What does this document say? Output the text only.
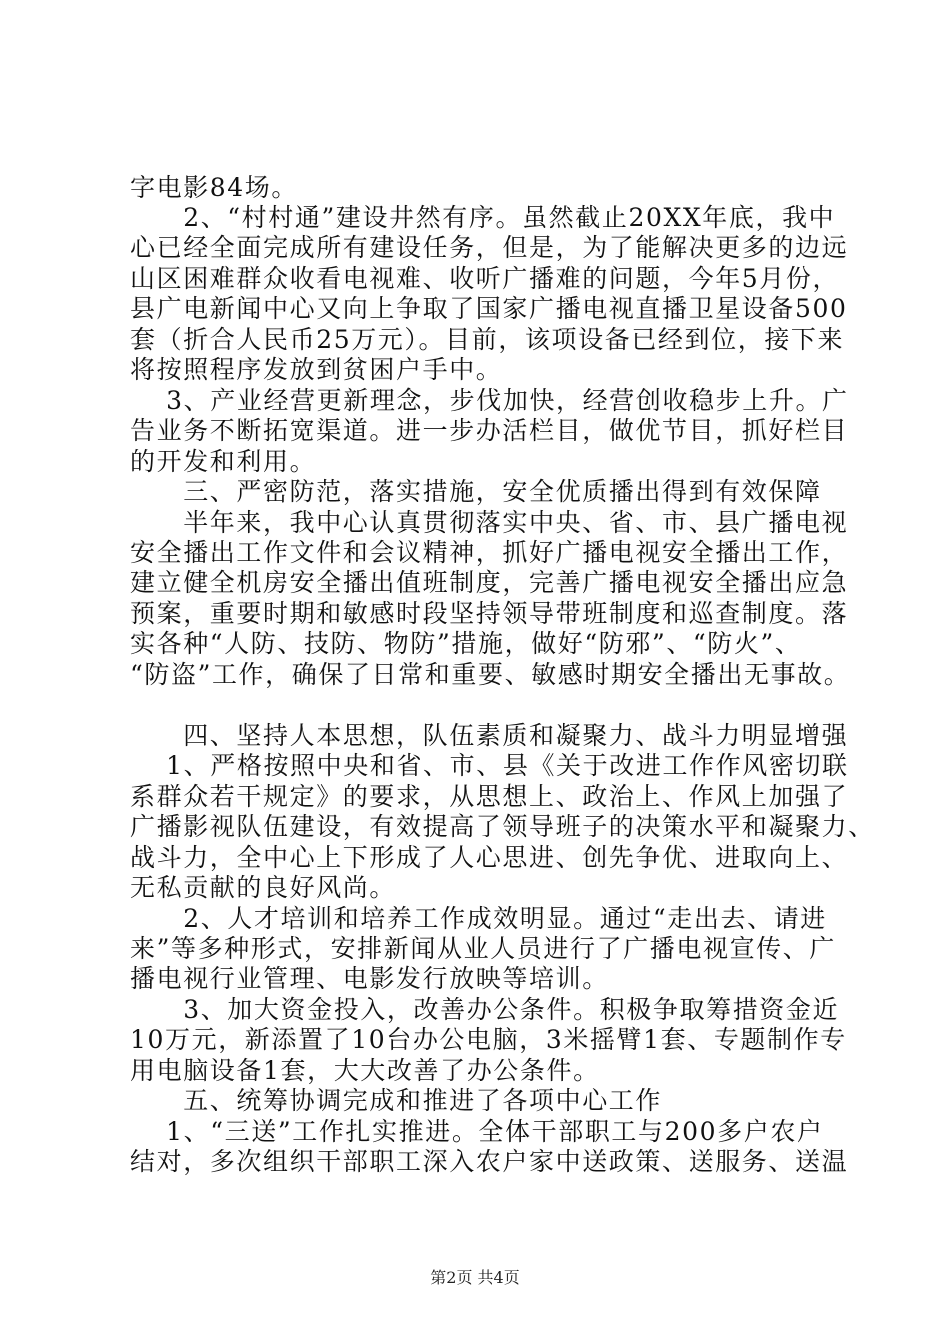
字电影84场。
　　2、“村村通”建设井然有序。虽然截止20XX年底，我中
心已经全面完成所有建设任务，但是，为了能解决更多的边远
山区困难群众收看电视难、收听广播难的问题，今年5月份，
县广电新闻中心又向上争取了国家广播电视直播卫星设备500
套（折合人民币25万元）。目前，该项设备已经到位，接下来
将按照程序发放到贫困户手中。
　 3、产业经营更新理念，步伐加快，经营创收稳步上升。广
告业务不断拓宽渠道。进一步办活栏目，做优节目，抓好栏目
的开发和利用。
　　三、严密防范，落实措施，安全优质播出得到有效保障
　　半年来，我中心认真贯彻落实中央、省、市、县广播电视
安全播出工作文件和会议精神，抓好广播电视安全播出工作，
建立健全机房安全播出值班制度，完善广播电视安全播出应急
预案，重要时期和敏感时段坚持领导带班制度和巡查制度。落
实各种“人防、技防、物防”措施，做好“防邪”、“防火”、
“防盗”工作，确保了日常和重要、敏感时期安全播出无事故。
　　四、坚持人本思想，队伍素质和凝聚力、战斗力明显增强
　 1、严格按照中央和省、市、县《关于改进工作作风密切联
系群众若干规定》的要求，从思想上、政治上、作风上加强了
广播影视队伍建设，有效提高了领导班子的决策水平和凝聚力、
战斗力，全中心上下形成了人心思进、创先争优、进取向上、
无私贡献的良好风尚。
　　2、人才培训和培养工作成效明显。通过“走出去、请进
来”等多种形式，安排新闻从业人员进行了广播电视宣传、广
播电视行业管理、电影发行放映等培训。
　　3、加大资金投入，改善办公条件。积极争取筹措资金近
10万元，新添置了10台办公电脑，3米摇臂1套、专题制作专
用电脑设备1套，大大改善了办公条件。
　　五、统筹协调完成和推进了各项中心工作
　 1、“三送”工作扎实推进。全体干部职工与200多户农户
结对，多次组织干部职工深入农户家中送政策、送服务、送温
第2页 共4页
